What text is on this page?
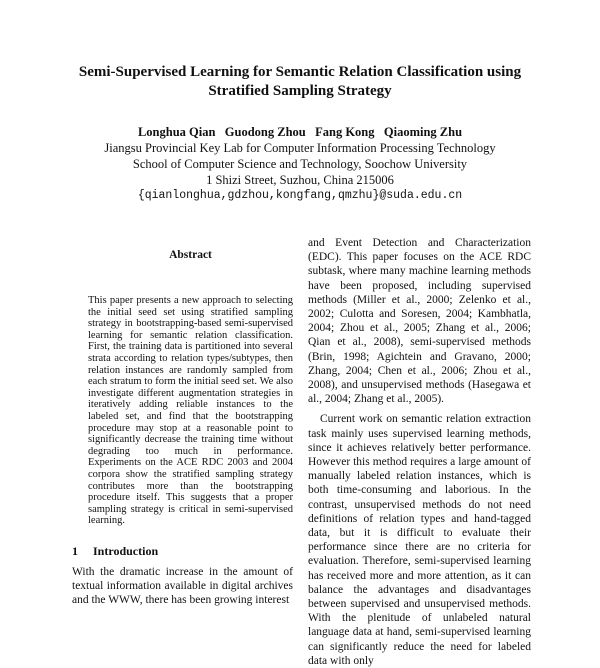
Semi-Supervised Learning for Semantic Relation Classification using
Stratified Sampling Strategy
Longhua Qian   Guodong Zhou   Fang Kong   Qiaoming Zhu
Jiangsu Provincial Key Lab for Computer Information Processing Technology
School of Computer Science and Technology, Soochow University
1 Shizi Street, Suzhou, China 215006
{qianlonghua,gdzhou,kongfang,qmzhu}@suda.edu.cn
Abstract

This paper presents a new approach to selecting the initial seed set using stratified sampling strategy in bootstrapping-based semi-supervised learning for semantic relation classification. First, the training data is partitioned into several strata according to relation types/subtypes, then relation instances are randomly sampled from each stratum to form the initial seed set. We also investigate different augmentation strategies in iteratively adding reliable instances to the labeled set, and find that the bootstrapping procedure may stop at a reasonable point to significantly decrease the training time without degrading too much in performance. Experiments on the ACE RDC 2003 and 2004 corpora show the stratified sampling strategy contributes more than the bootstrapping procedure itself. This suggests that a proper sampling strategy is critical in semi-supervised learning.

1 Introduction

With the dramatic increase in the amount of textual information available in digital archives and the WWW, there has been growing interest

and Event Detection and Characterization (EDC). This paper focuses on the ACE RDC subtask, where many machine learning methods have been proposed, including supervised methods (Miller et al., 2000; Zelenko et al., 2002; Culotta and Soresen, 2004; Kambhatla, 2004; Zhou et al., 2005; Zhang et al., 2006; Qian et al., 2008), semi-supervised methods (Brin, 1998; Agichtein and Gravano, 2000; Zhang, 2004; Chen et al., 2006; Zhou et al., 2008), and unsupervised methods (Hasegawa et al., 2004; Zhang et al., 2005).

Current work on semantic relation extraction task mainly uses supervised learning methods, since it achieves relatively better performance. However this method requires a large amount of manually labeled relation instances, which is both time-consuming and laborious. In the contrast, unsupervised methods do not need definitions of relation types and hand-tagged data, but it is difficult to evaluate their performance since there are no criteria for evaluation. Therefore, semi-supervised learning has received more and more attention, as it can balance the advantages and disadvantages between supervised and unsupervised methods. With the plenitude of unlabeled natural language data at hand, semi-supervised learning can significantly reduce the need for labeled data with only
